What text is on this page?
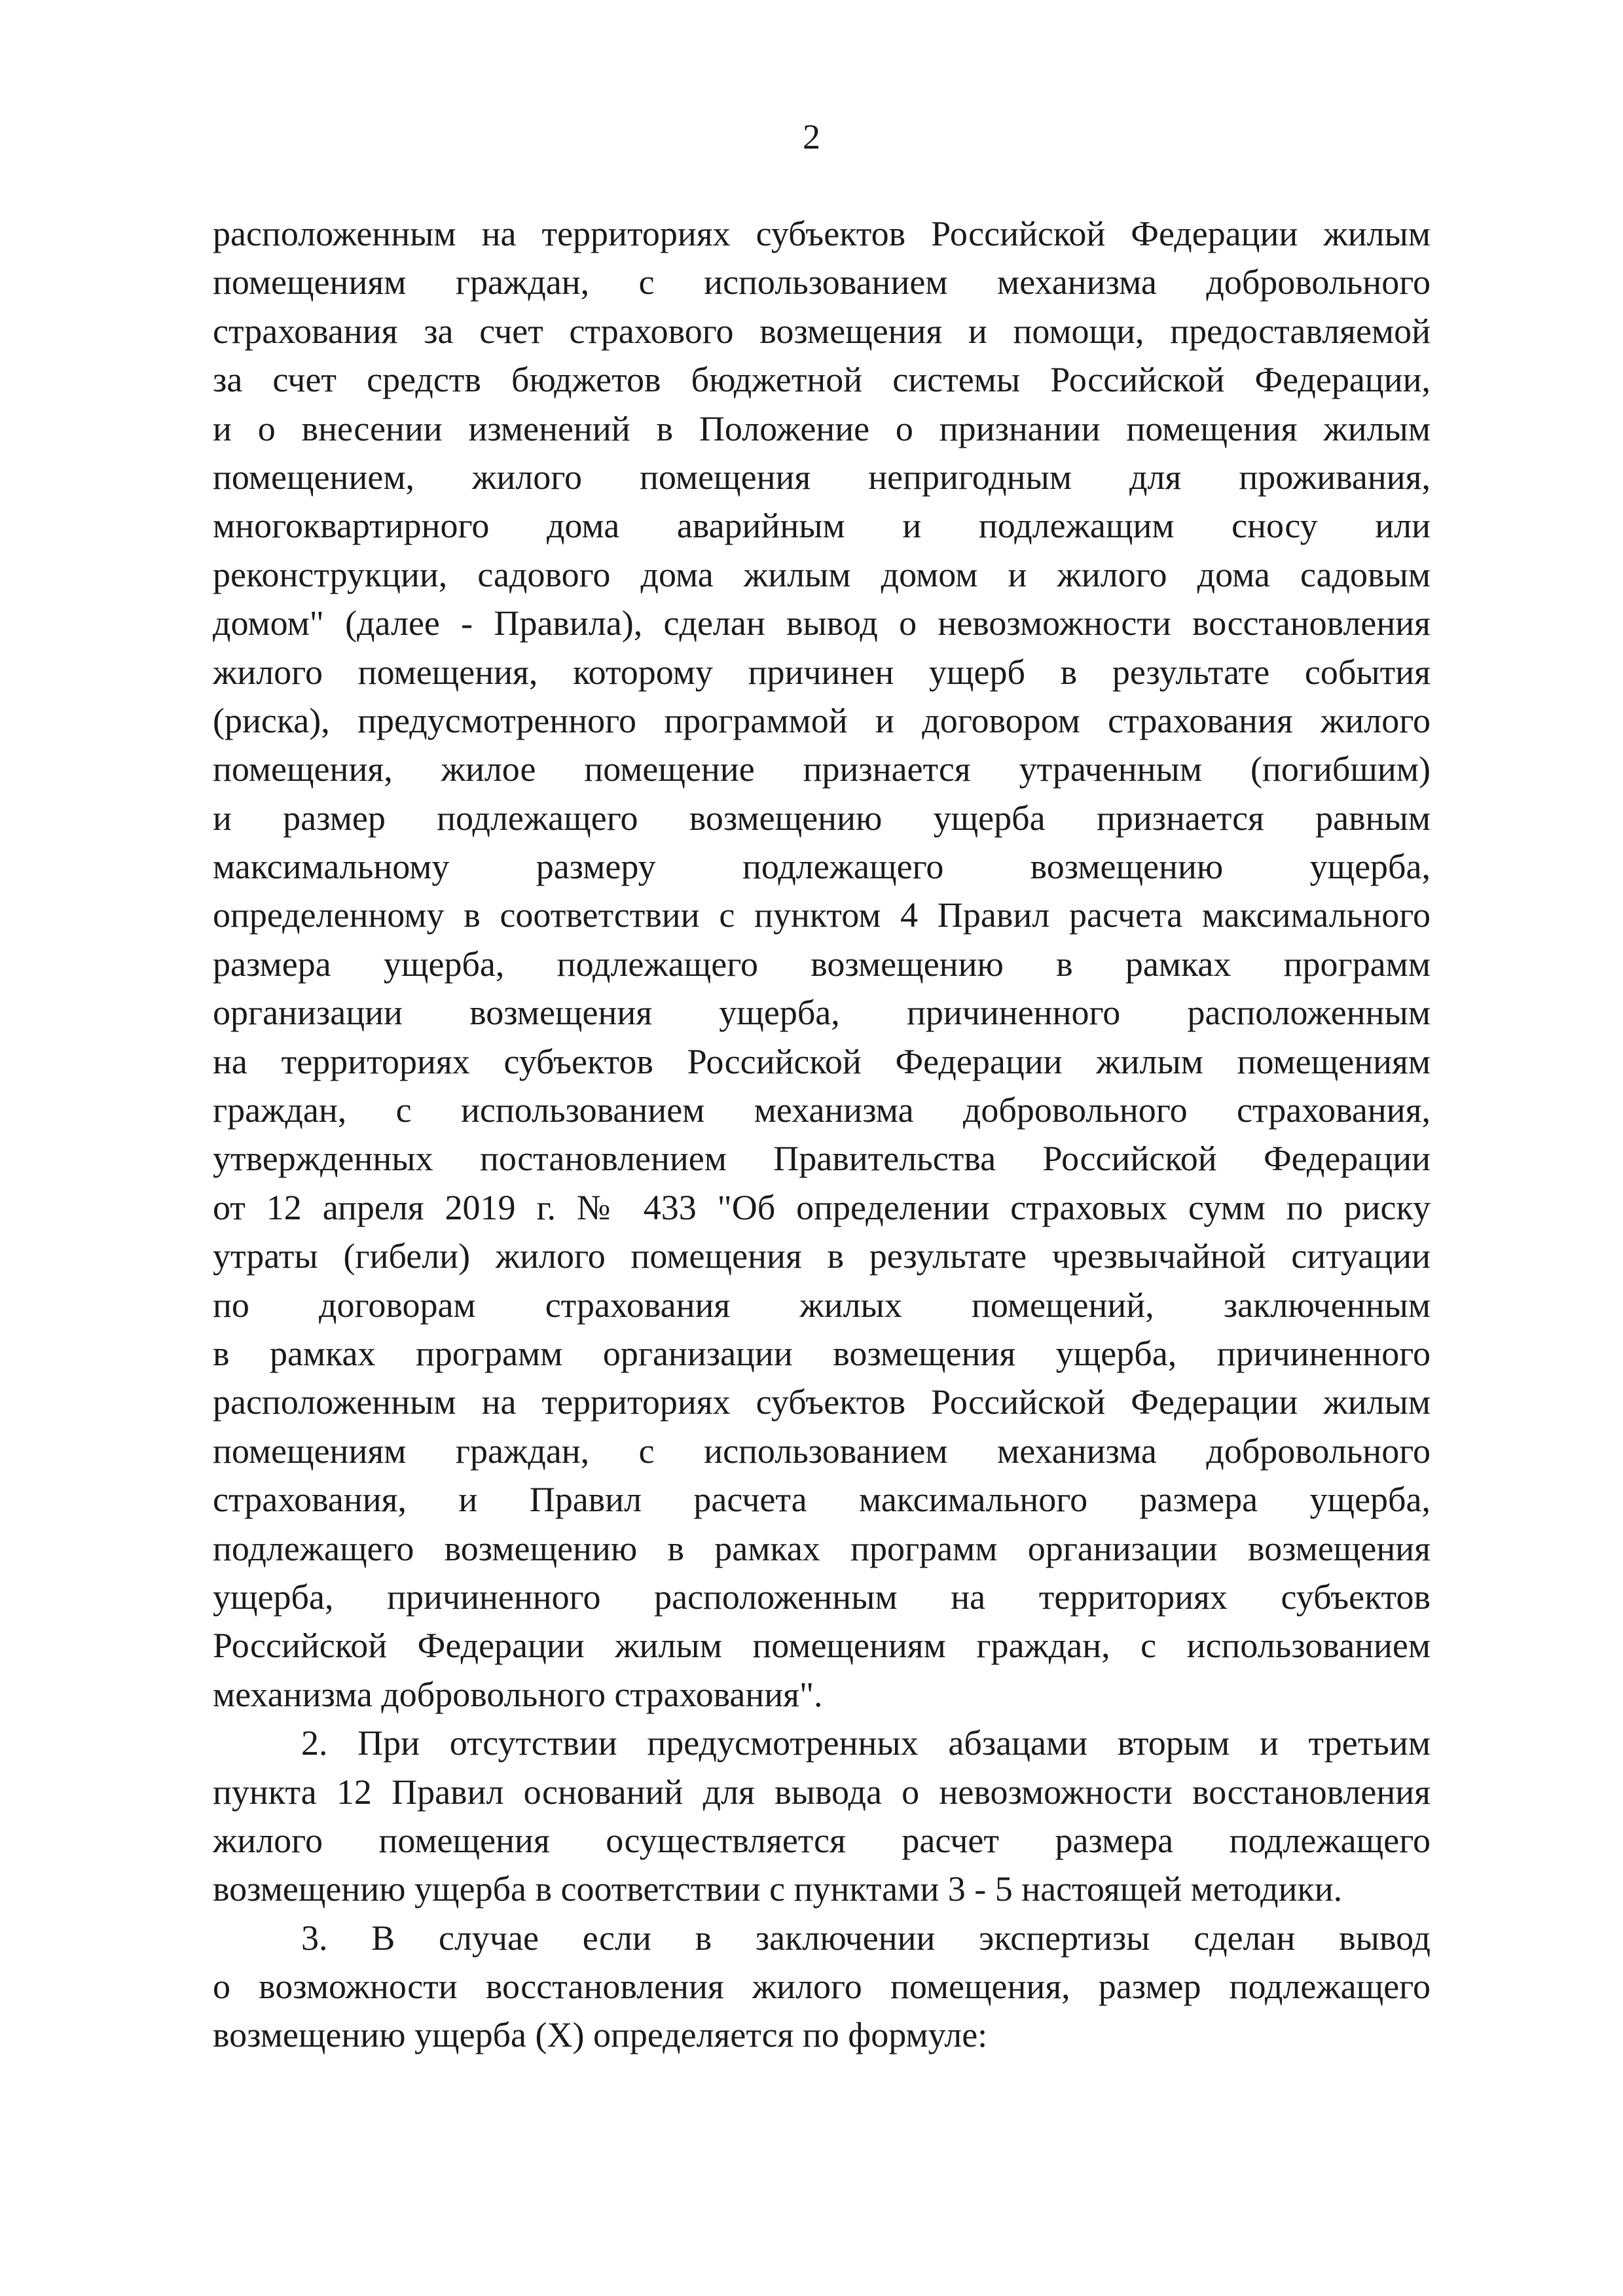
2
расположенным на территориях субъектов Российской Федерации жилым
помещениям граждан, с использованием механизма добровольного
страхования за счет страхового возмещения и помощи, предоставляемой
за счет средств бюджетов бюджетной системы Российской Федерации,
и о внесении изменений в Положение о признании помещения жилым
помещением, жилого помещения непригодным для проживания,
многоквартирного дома аварийным и подлежащим сносу или
реконструкции, садового дома жилым домом и жилого дома садовым
домом" (далее - Правила), сделан вывод о невозможности восстановления
жилого помещения, которому причинен ущерб в результате события
(риска), предусмотренного программой и договором страхования жилого
помещения, жилое помещение признается утраченным (погибшим)
и размер подлежащего возмещению ущерба признается равным
максимальному размеру подлежащего возмещению ущерба,
определенному в соответствии с пунктом 4 Правил расчета максимального
размера ущерба, подлежащего возмещению в рамках программ
организации возмещения ущерба, причиненного расположенным
на территориях субъектов Российской Федерации жилым помещениям
граждан, с использованием механизма добровольного страхования,
утвержденных постановлением Правительства Российской Федерации
от 12 апреля 2019 г. № 433 "Об определении страховых сумм по риску
утраты (гибели) жилого помещения в результате чрезвычайной ситуации
по договорам страхования жилых помещений, заключенным
в рамках программ организации возмещения ущерба, причиненного
расположенным на территориях субъектов Российской Федерации жилым
помещениям граждан, с использованием механизма добровольного
страхования, и Правил расчета максимального размера ущерба,
подлежащего возмещению в рамках программ организации возмещения
ущерба, причиненного расположенным на территориях субъектов
Российской Федерации жилым помещениям граждан, с использованием
механизма добровольного страхования".
2. При отсутствии предусмотренных абзацами вторым и третьим
пункта 12 Правил оснований для вывода о невозможности восстановления
жилого помещения осуществляется расчет размера подлежащего
возмещению ущерба в соответствии с пунктами 3 - 5 настоящей методики.
3. В случае если в заключении экспертизы сделан вывод
о возможности восстановления жилого помещения, размер подлежащего
возмещению ущерба (X) определяется по формуле:
